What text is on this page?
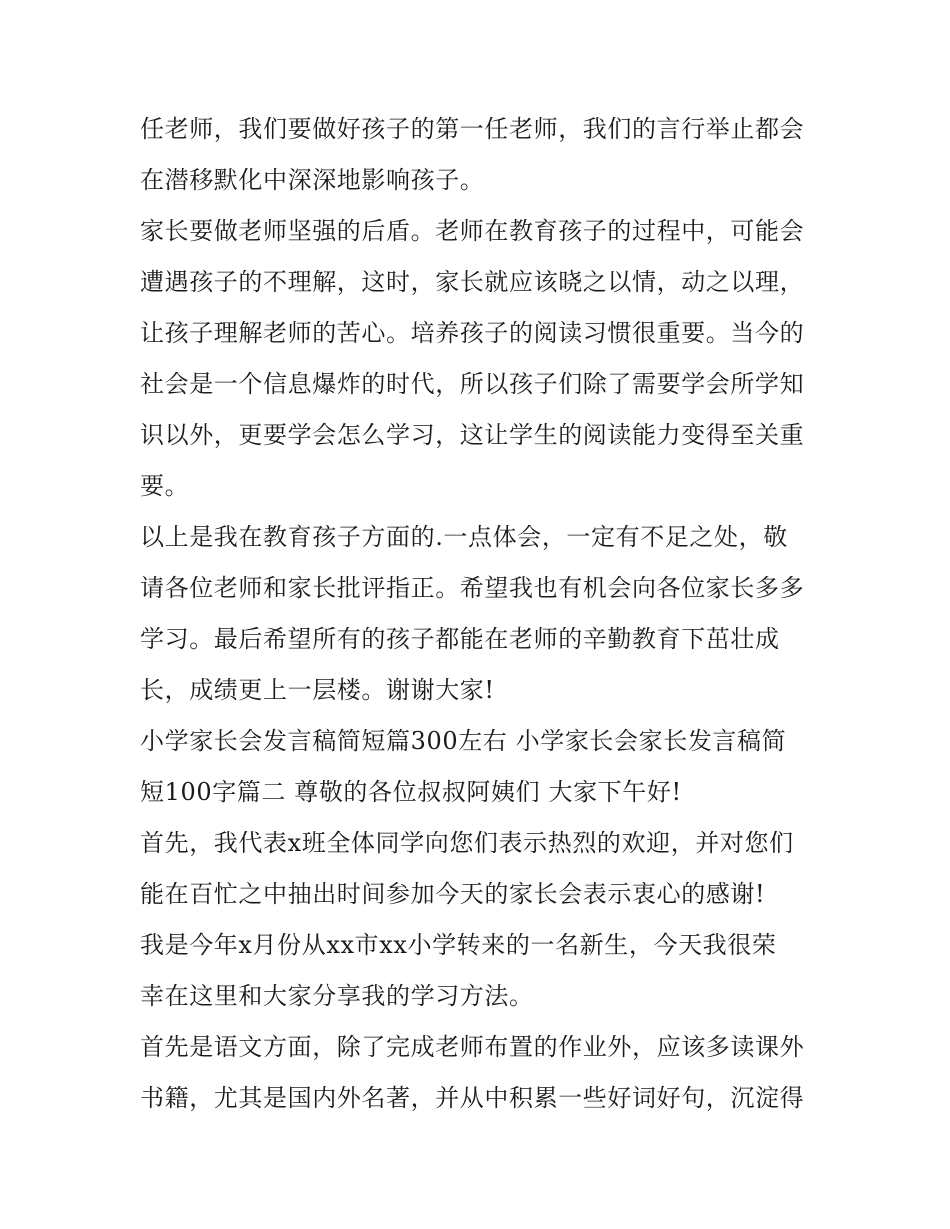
任老师，我们要做好孩子的第一任老师，我们的言行举止都会
在潜移默化中深深地影响孩子。
家长要做老师坚强的后盾。老师在教育孩子的过程中，可能会
遭遇孩子的不理解，这时，家长就应该晓之以情，动之以理，
让孩子理解老师的苦心。培养孩子的阅读习惯很重要。当今的
社会是一个信息爆炸的时代，所以孩子们除了需要学会所学知
识以外，更要学会怎么学习，这让学生的阅读能力变得至关重
要。
以上是我在教育孩子方面的.一点体会，一定有不足之处，敬
请各位老师和家长批评指正。希望我也有机会向各位家长多多
学习。最后希望所有的孩子都能在老师的辛勤教育下茁壮成
长，成绩更上一层楼。谢谢大家!
小学家长会发言稿简短篇300左右 小学家长会家长发言稿简
短100字篇二 尊敬的各位叔叔阿姨们 大家下午好!
首先，我代表x班全体同学向您们表示热烈的欢迎，并对您们
能在百忙之中抽出时间参加今天的家长会表示衷心的感谢!
我是今年x月份从xx市xx小学转来的一名新生，今天我很荣
幸在这里和大家分享我的学习方法。
首先是语文方面，除了完成老师布置的作业外，应该多读课外
书籍，尤其是国内外名著，并从中积累一些好词好句，沉淀得
